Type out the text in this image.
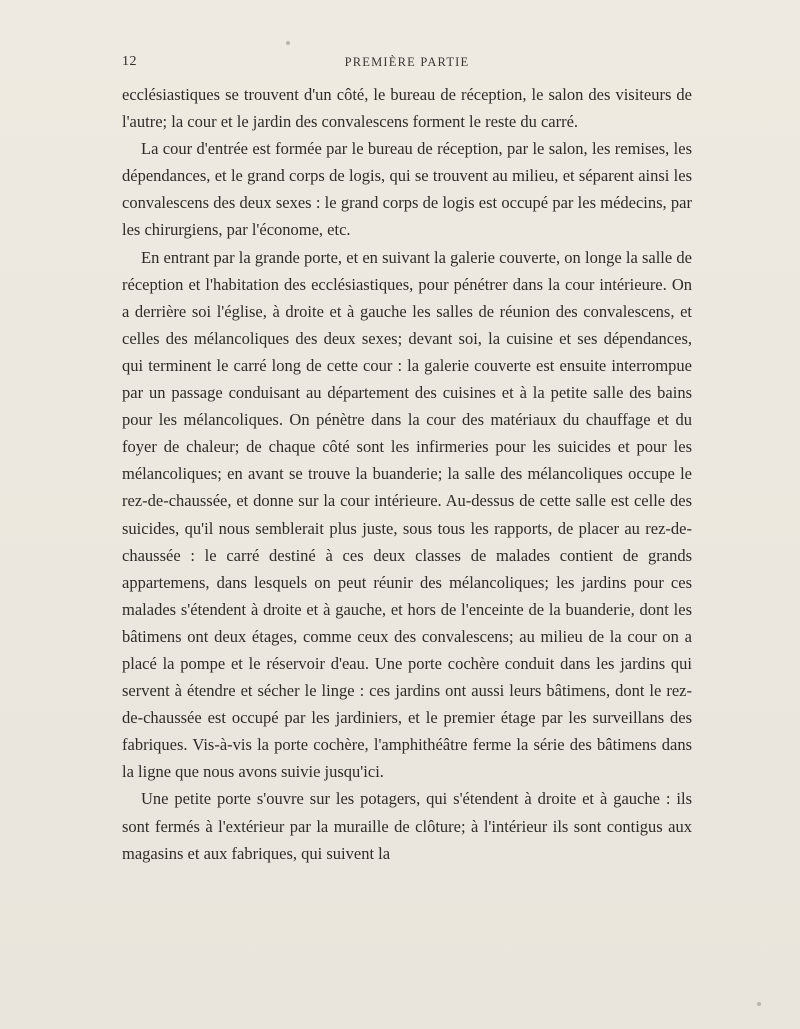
12	PREMIÈRE PARTIE

ecclésiastiques se trouvent d'un côté, le bureau de réception, le salon des visiteurs de l'autre; la cour et le jardin des convalescens forment le reste du carré.

La cour d'entrée est formée par le bureau de réception, par le salon, les remises, les dépendances, et le grand corps de logis, qui se trouvent au milieu, et séparent ainsi les convalescens des deux sexes : le grand corps de logis est occupé par les médecins, par les chirurgiens, par l'économe, etc.

En entrant par la grande porte, et en suivant la galerie couverte, on longe la salle de réception et l'habitation des ecclésiastiques, pour pénétrer dans la cour intérieure. On a derrière soi l'église, à droite et à gauche les salles de réunion des convalescens, et celles des mélancoliques des deux sexes; devant soi, la cuisine et ses dépendances, qui terminent le carré long de cette cour : la galerie couverte est ensuite interrompue par un passage conduisant au département des cuisines et à la petite salle des bains pour les mélancoliques. On pénètre dans la cour des matériaux du chauffage et du foyer de chaleur; de chaque côté sont les infirmeries pour les suicides et pour les mélancoliques; en avant se trouve la buanderie; la salle des mélancoliques occupe le rez-de-chaussée, et donne sur la cour intérieure. Au-dessus de cette salle est celle des suicides, qu'il nous semblerait plus juste, sous tous les rapports, de placer au rez-de-chaussée : le carré destiné à ces deux classes de malades contient de grands appartemens, dans lesquels on peut réunir des mélancoliques; les jardins pour ces malades s'étendent à droite et à gauche, et hors de l'enceinte de la buanderie, dont les bâtimens ont deux étages, comme ceux des convalescens; au milieu de la cour on a placé la pompe et le réservoir d'eau. Une porte cochère conduit dans les jardins qui servent à étendre et sécher le linge : ces jardins ont aussi leurs bâtimens, dont le rez-de-chaussée est occupé par les jardiniers, et le premier étage par les surveillans des fabriques. Vis-à-vis la porte cochère, l'amphithéâtre ferme la série des bâtimens dans la ligne que nous avons suivie jusqu'ici.

Une petite porte s'ouvre sur les potagers, qui s'étendent à droite et à gauche : ils sont fermés à l'extérieur par la muraille de clôture; à l'intérieur ils sont contigus aux magasins et aux fabriques, qui suivent la
